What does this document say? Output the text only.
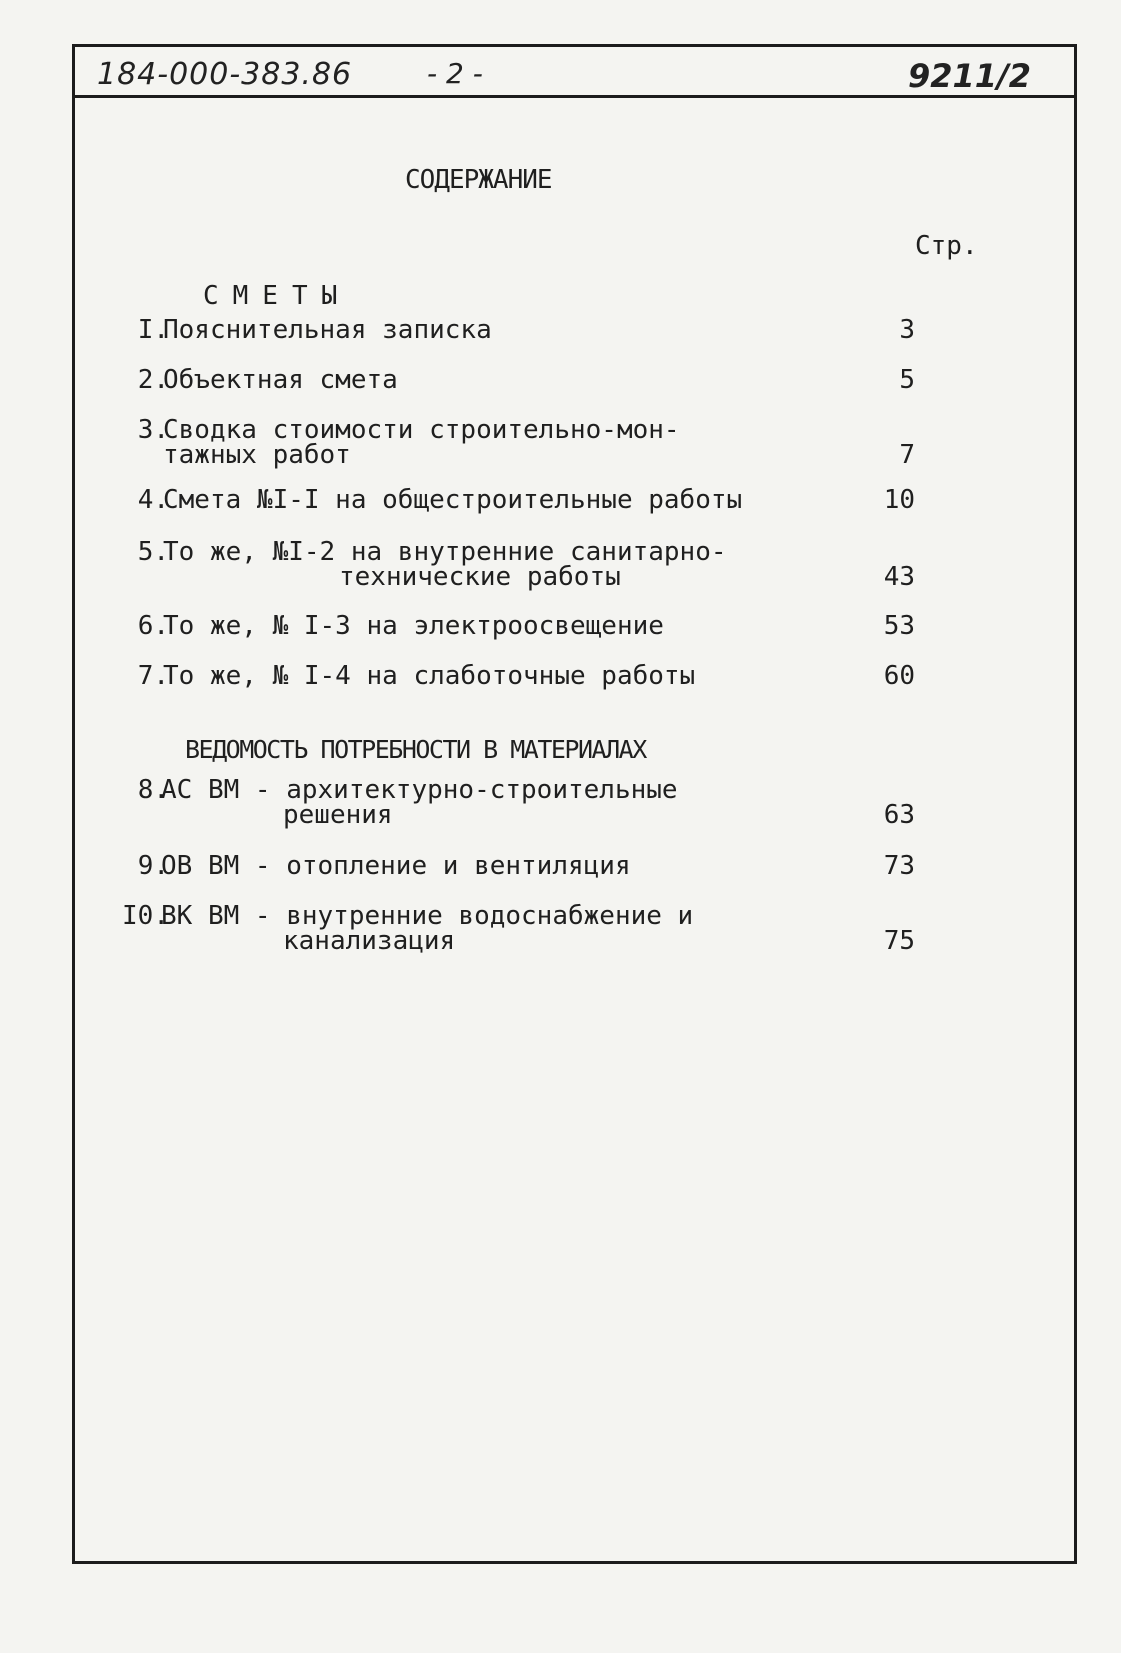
184-000-383.86	- 2 -	9211/2
СОДЕРЖАНИЕ
Стр.
СМЕТЫ
I.
Пояснительная записка	3
2.
Объектная смета	5
3.
Сводка стоимости строительно-мон-
тажных работ	7
4.
Смета №I-I на общестроительные работы	10
5.
То же, №I-2 на внутренние санитарно-
технические работы	43
6.
То же, № I-3 на электроосвещение	53
7.
То же, № I-4 на слаботочные работы	60
ВЕДОМОСТЬ ПОТРЕБНОСТИ В МАТЕРИАЛАХ
8.
АС ВМ - архитектурно-строительные
решения	63
9.
ОВ ВМ - отопление и вентиляция	73
I0.
ВК ВМ - внутренние водоснабжение и
канализация	75
